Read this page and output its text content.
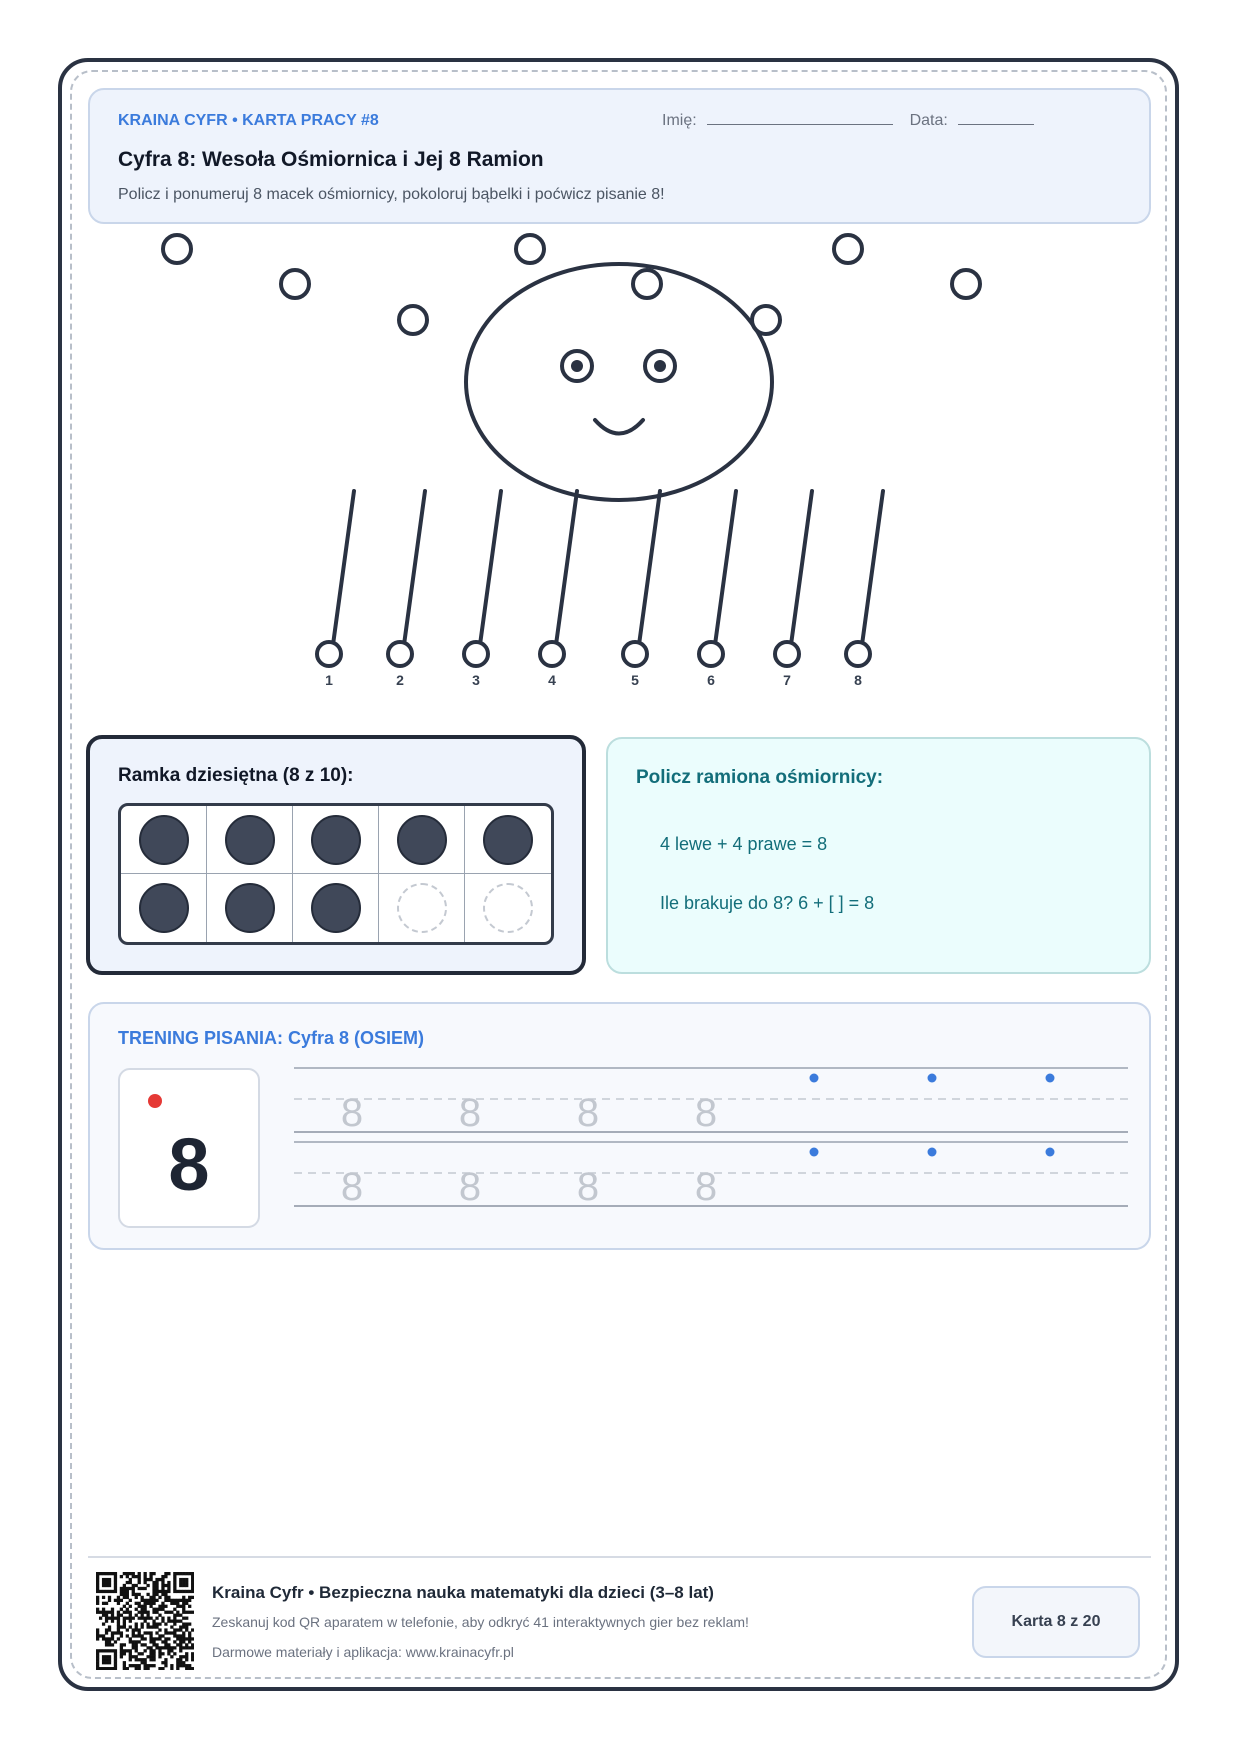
KRAINA CYFR • KARTA PRACY #8	Imię:	Data:
Cyfra 8: Wesoła Ośmiornica i Jej 8 Ramion
Policz i ponumeruj 8 macek ośmiornicy, pokoloruj bąbelki i poćwicz pisanie 8!
1	2	3	4	5	6	7	8
Ramka dziesiętna (8 z 10):	Policz ramiona ośmiornicy:
4 lewe + 4 prawe = 8
Ile brakuje do 8? 6 + [ ] = 8
TRENING PISANIA: Cyfra 8 (OSIEM)
8
8 8 8 8
8 8 8 8
Kraina Cyfr • Bezpieczna nauka matematyki dla dzieci (3–8 lat)
Zeskanuj kod QR aparatem w telefonie, aby odkryć 41 interaktywnych gier bez reklam!
Darmowe materiały i aplikacja: www.krainacyfr.pl
Karta 8 z 20
